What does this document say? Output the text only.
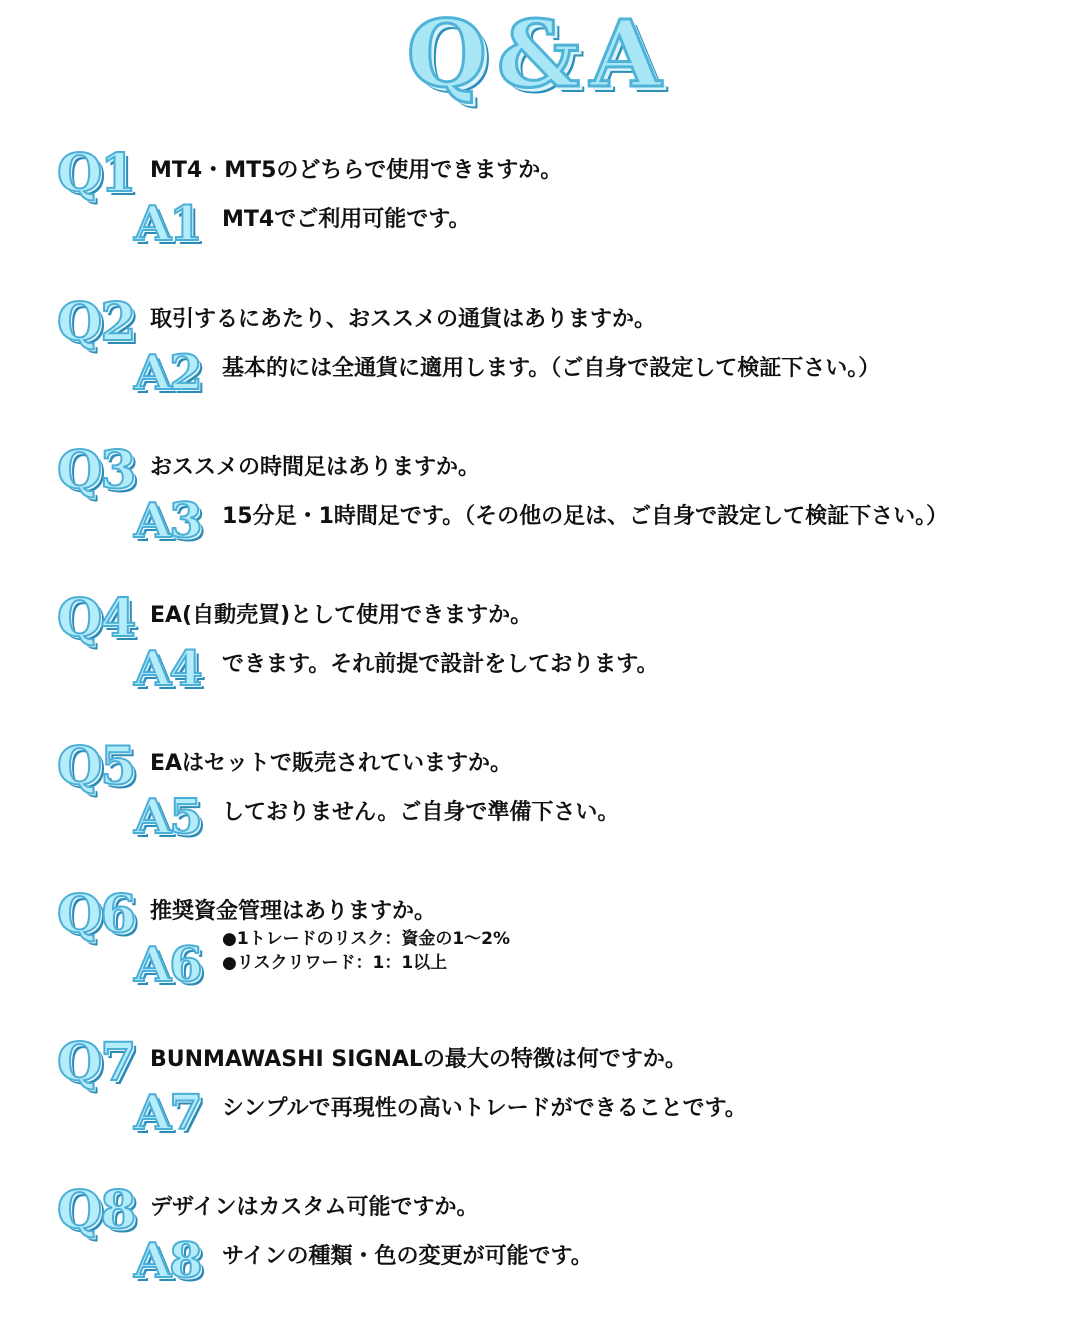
Q&A
Q1 MT4・MT5のどちらで使用できますか。
A1 MT4でご利用可能です。
Q2 取引するにあたり、おススメの通貨はありますか。
A2 基本的には全通貨に適用します。（ご自身で設定して検証下さい。）
Q3 おススメの時間足はありますか。
A3 15分足・1時間足です。（その他の足は、ご自身で設定して検証下さい。）
Q4 EA(自動売買)として使用できますか。
A4 できます。それ前提で設計をしております。
Q5 EAはセットで販売されていますか。
A5 しておりません。ご自身で準備下さい。
Q6 推奨資金管理はありますか。
A6 ●1トレードのリスク：資金の1～2%
●リスクリワード：1：1以上
Q7 BUNMAWASHI SIGNALの最大の特徴は何ですか。
A7 シンプルで再現性の高いトレードができることです。
Q8 デザインはカスタム可能ですか。
A8 サインの種類・色の変更が可能です。
